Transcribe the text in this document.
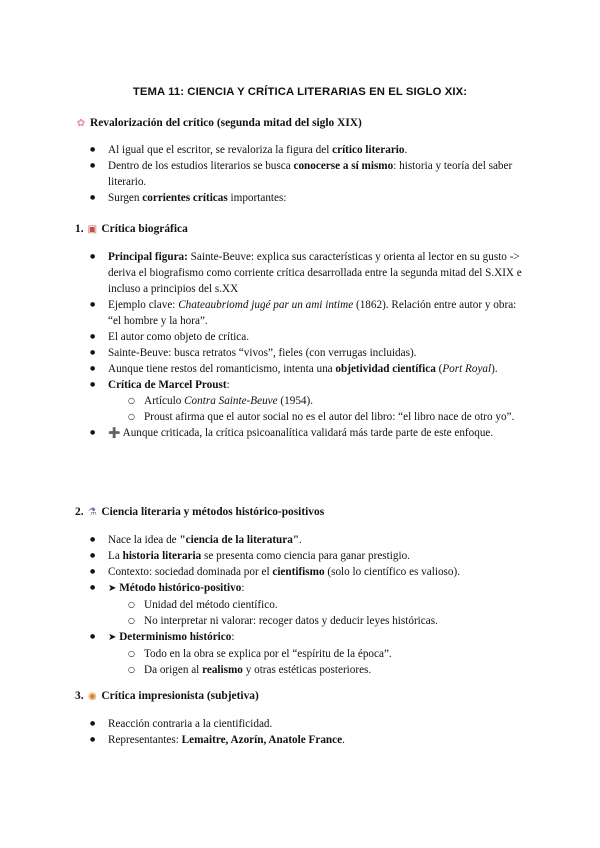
TEMA 11: CIENCIA Y CRÍTICA LITERARIAS EN EL SIGLO XIX:
✿ Revalorización del crítico (segunda mitad del siglo XIX)
● Al igual que el escritor, se revaloriza la figura del crítico literario.
● Dentro de los estudios literarios se busca conocerse a sí mismo: historia y teoría del saber literario.
● Surgen corrientes críticas importantes:
1. ▣ Crítica biográfica
● Principal figura: Sainte-Beuve: explica sus características y orienta al lector en su gusto -> deriva el biografismo como corriente crítica desarrollada entre la segunda mitad del S.XIX e incluso a principios del s.XX
● Ejemplo clave: Chateaubriomd jugé par un ami intime (1862). Relación entre autor y obra: “el hombre y la hora”.
● El autor como objeto de crítica.
● Sainte-Beuve: busca retratos “vivos”, fieles (con verrugas incluidas).
● Aunque tiene restos del romanticismo, intenta una objetividad científica (Port Royal).
● Crítica de Marcel Proust:
○ Artículo Contra Sainte-Beuve (1954).
○ Proust afirma que el autor social no es el autor del libro: “el libro nace de otro yo”.
● ➕ Aunque criticada, la crítica psicoanalítica validará más tarde parte de este enfoque.
2. ⚗ Ciencia literaria y métodos histórico-positivos
● Nace la idea de "ciencia de la literatura".
● La historia literaria se presenta como ciencia para ganar prestigio.
● Contexto: sociedad dominada por el cientifismo (solo lo científico es valioso).
● ➤ Método histórico-positivo:
○ Unidad del método científico.
○ No interpretar ni valorar: recoger datos y deducir leyes históricas.
● ➤ Determinismo histórico:
○ Todo en la obra se explica por el “espíritu de la época”.
○ Da origen al realismo y otras estéticas posteriores.
3. ◉ Crítica impresionista (subjetiva)
● Reacción contraria a la cientificidad.
● Representantes: Lemaitre, Azorín, Anatole France.
